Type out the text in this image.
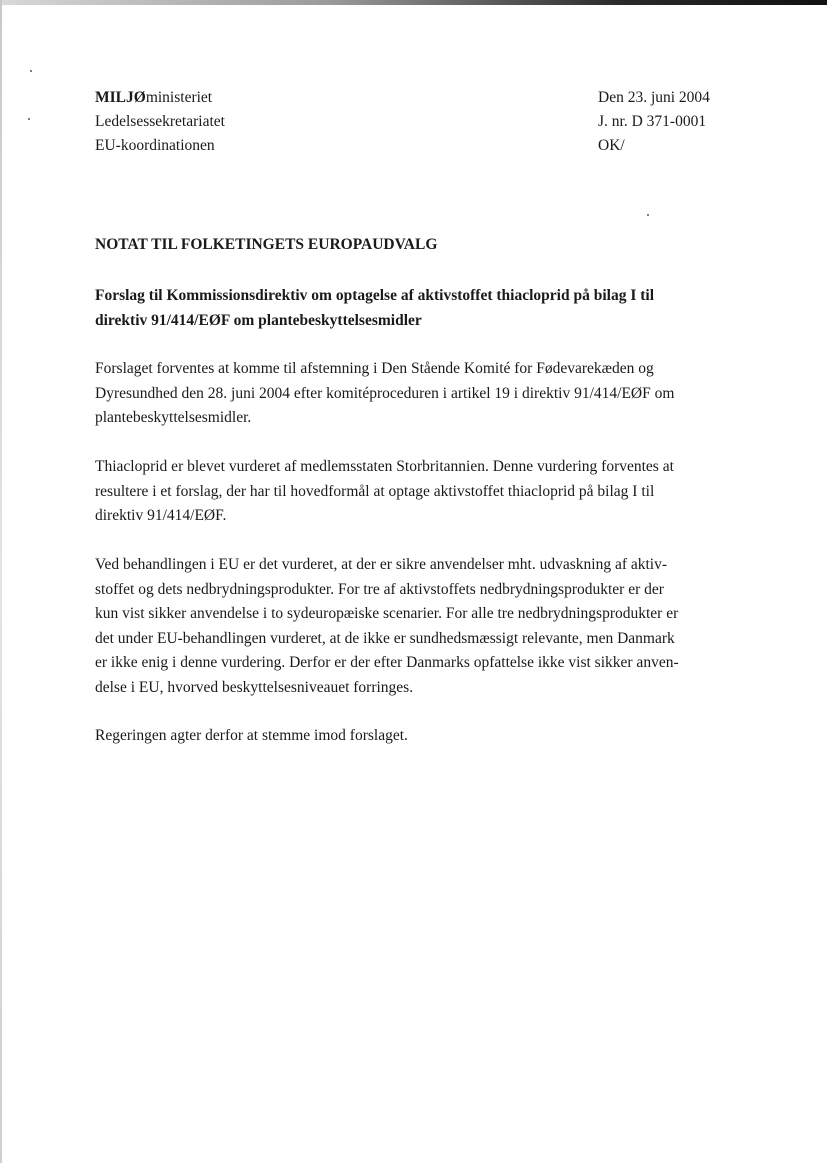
MILJØministeriet
Ledelsessekretariatet
EU-koordinationen
Den 23. juni 2004
J. nr. D 371-0001
OK/
NOTAT TIL FOLKETINGETS EUROPAUDVALG

Forslag til Kommissionsdirektiv om optagelse af aktivstoffet thiacloprid på bilag I til

direktiv 91/414/EØF om plantebeskyttelsesmidler

Forslaget forventes at komme til afstemning i Den Stående Komité for Fødevarekæden og

Dyresundhed den 28. juni 2004 efter komitéproceduren i artikel 19 i direktiv 91/414/EØF om

plantebeskyttelsesmidler.

Thiacloprid er blevet vurderet af medlemsstaten Storbritannien. Denne vurdering forventes at

resultere i et forslag, der har til hovedformål at optage aktivstoffet thiacloprid på bilag I til

direktiv 91/414/EØF.

Ved behandlingen i EU er det vurderet, at der er sikre anvendelser mht. udvaskning af aktiv-

stoffet og dets nedbrydningsprodukter. For tre af aktivstoffets nedbrydningsprodukter er der

kun vist sikker anvendelse i to sydeuropæiske scenarier. For alle tre nedbrydningsprodukter er

det under EU-behandlingen vurderet, at de ikke er sundhedsmæssigt relevante, men Danmark

er ikke enig i denne vurdering. Derfor er der efter Danmarks opfattelse ikke vist sikker anven-

delse i EU, hvorved beskyttelsesniveauet forringes.

Regeringen agter derfor at stemme imod forslaget.
